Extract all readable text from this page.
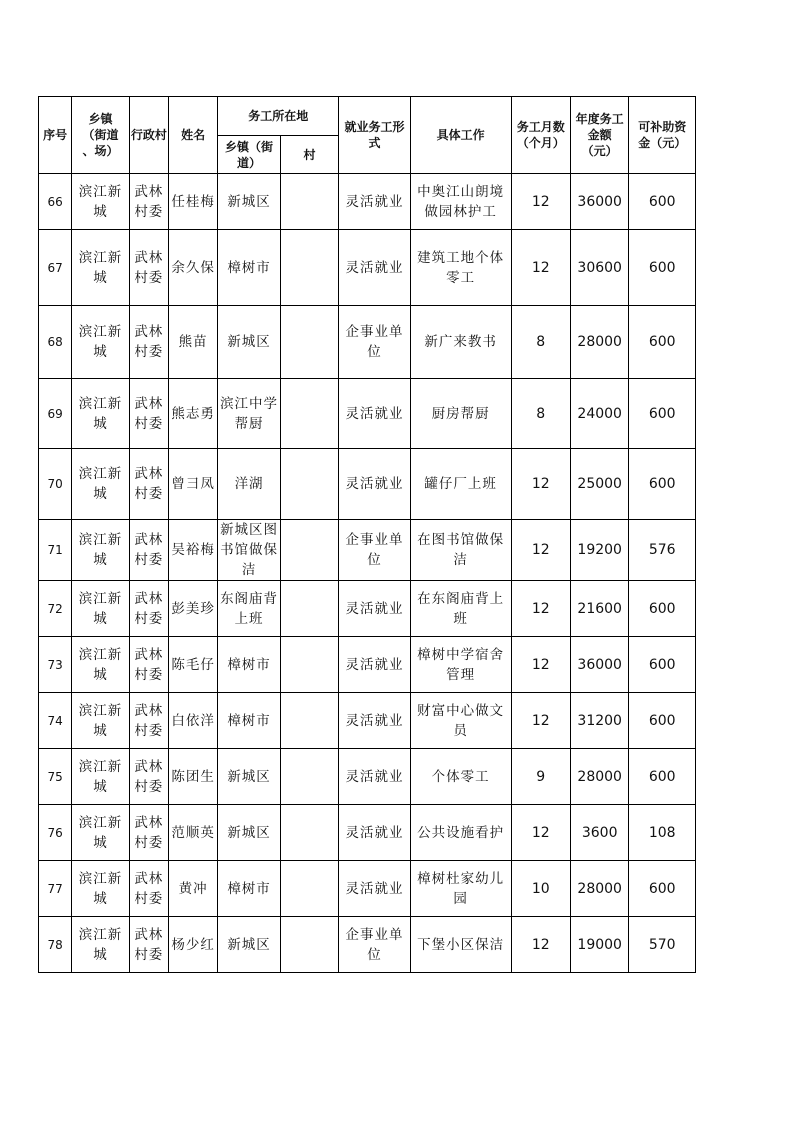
序号	乡镇
（街道
、场）	行政村	姓名	务工所在地		就业务工形
式	具体工作	务工月数
（个月）	年度务工
金额
（元）	可补助资
金（元）
				乡镇（街
道）	村					
66	滨江新
城	武林
村委	任桂梅	新城区		灵活就业	中奥江山朗境
做园林护工	12	36000	600
67	滨江新
城	武林
村委	余久保	樟树市		灵活就业	建筑工地个体
零工	12	30600	600
68	滨江新
城	武林
村委	熊苗	新城区		企事业单
位	新广来教书	8	28000	600
69	滨江新
城	武林
村委	熊志勇	滨江中学
帮厨		灵活就业	厨房帮厨	8	24000	600
70	滨江新
城	武林
村委	曾彐凤	洋湖		灵活就业	罐仔厂上班	12	25000	600
71	滨江新
城	武林
村委	吴裕梅	新城区图
书馆做保
洁		企事业单
位	在图书馆做保
洁	12	19200	576
72	滨江新
城	武林
村委	彭美珍	东阁庙背
上班		灵活就业	在东阁庙背上
班	12	21600	600
73	滨江新
城	武林
村委	陈毛仔	樟树市		灵活就业	樟树中学宿舍
管理	12	36000	600
74	滨江新
城	武林
村委	白依洋	樟树市		灵活就业	财富中心做文
员	12	31200	600
75	滨江新
城	武林
村委	陈团生	新城区		灵活就业	个体零工	9	28000	600
76	滨江新
城	武林
村委	范顺英	新城区		灵活就业	公共设施看护	12	3600	108
77	滨江新
城	武林
村委	黄冲	樟树市		灵活就业	樟树杜家幼儿
园	10	28000	600
78	滨江新
城	武林
村委	杨少红	新城区		企事业单
位	下堡小区保洁	12	19000	570
